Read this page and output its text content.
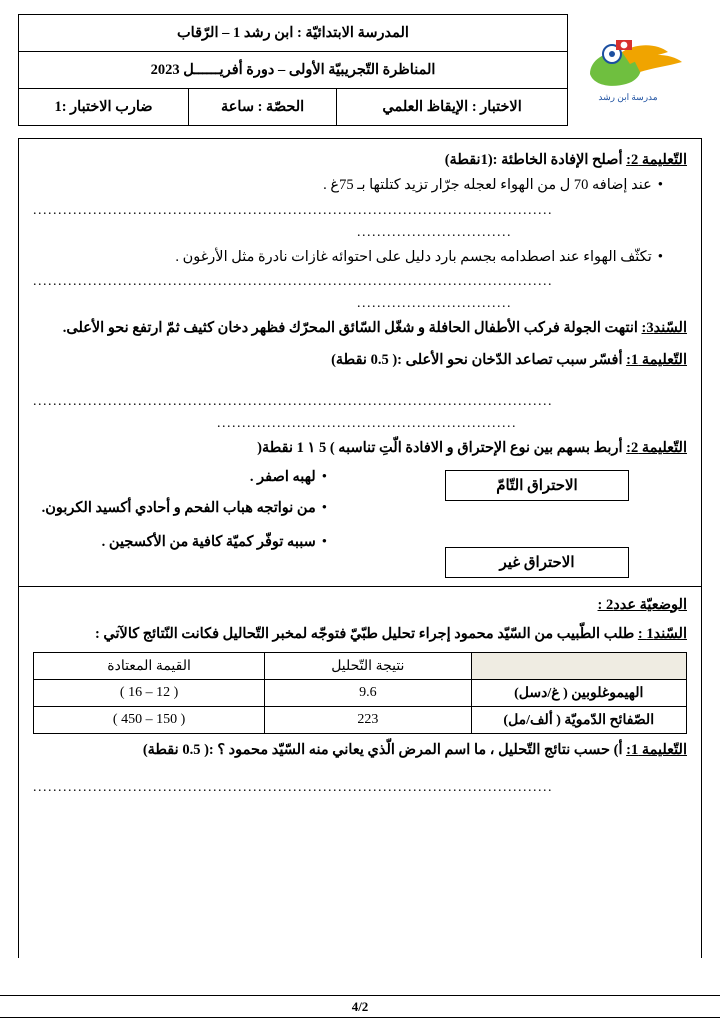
المدرسة الابتدائيّة : ابن رشد 1 – الرّقاب
المناظرة التّجريبيّة الأولى – دورة أفريــــــل 2023
الاختبار : الإيقاظ العلمي	الحصّة : ساعة	ضارب الاختبار :1
مدرسة ابن رشد
التّعليمة 2: أصلح الإفادة الخاطئة :(1نقطة)
•
عند إضافه 70 ل من الهواء لعجله جرّار تزيد كتلتها بـ 75غ .
........................................................................................................
...............................
•
تكثّف الهواء عند اصطدامه بجسم بارد دليل على احتوائه غازات نادرة مثل الأرغون .
........................................................................................................
...............................
السّند3: انتهت الجولة فركب الأطفال الحافلة و شغّل السّائق المحرّك فظهر دخان كثيف ثمّ ارتفع نحو الأعلى.
التّعليمة 1: أفسّر سبب تصاعد الدّخان نحو الأعلى :( 0.5 نقطة)
........................................................................................................
............................................................
التّعليمة 2: أربط بسهم بين نوع الإحتراق و الافادة الّتِ تناسبه ) 5 ١ 1 نقطة(
•
لهبه اصفر .
•
من نواتجه هباب الفحم و أحادي أكسيد الكربون.
•
سببه توفّر كميّة كافية من الأكسجين .
الاحتراق التّامّ
الاحتراق غير
الوضعيّة عدد2 :
السّند1 : طلب الطّبيب من السّيّد محمود إجراء تحليل طبّيّ فتوجّه لمخبر التّحاليل فكانت النّتائج كالآتي :
	نتيجة التّحليل	القيمة المعتادة
الهيموغلوبين ( غ/دسل)	9.6	( 12 – 16 )
الصّفائح الدّمويّة ( ألف/مل)	223	( 150 – 450 )
التّعليمة 1: أ) حسب نتائج التّحليل ، ما اسم المرض الّذي يعاني منه السّيّد محمود ؟ :( 0.5 نقطة)
........................................................................................................
4/2
